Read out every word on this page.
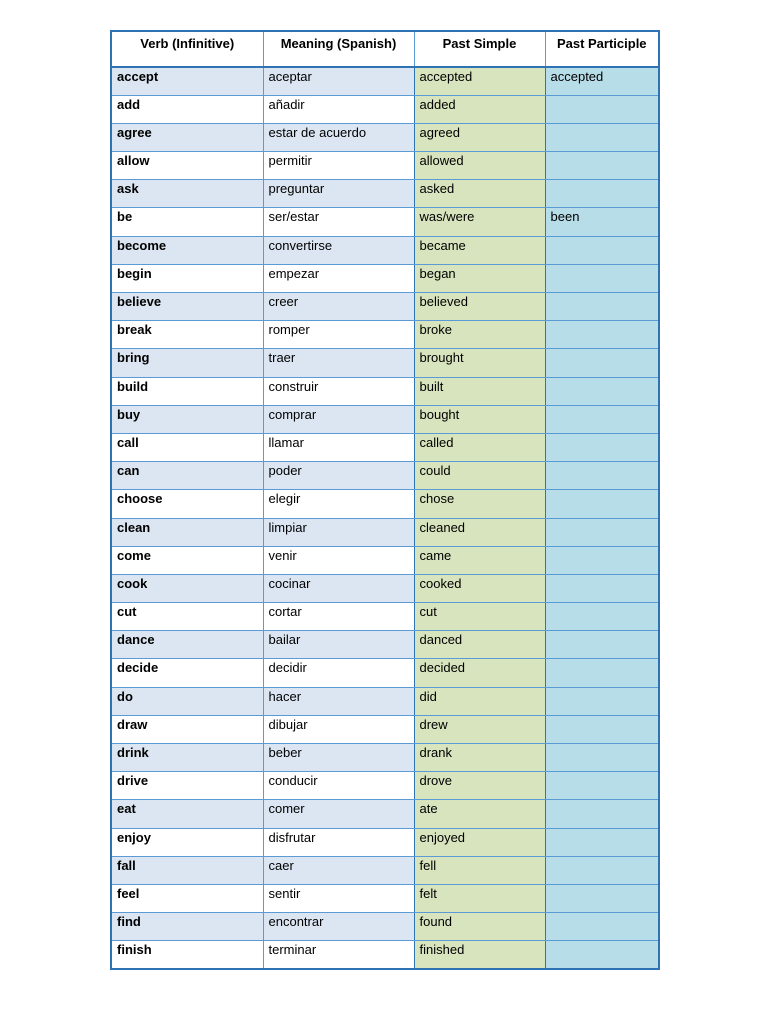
Verb (Infinitive)	Meaning (Spanish)	Past Simple	Past Participle
accept	aceptar	accepted	accepted
add	añadir	added	
agree	estar de acuerdo	agreed	
allow	permitir	allowed	
ask	preguntar	asked	
be	ser/estar	was/were	been
become	convertirse	became	
begin	empezar	began	
believe	creer	believed	
break	romper	broke	
bring	traer	brought	
build	construir	built	
buy	comprar	bought	
call	llamar	called	
can	poder	could	
choose	elegir	chose	
clean	limpiar	cleaned	
come	venir	came	
cook	cocinar	cooked	
cut	cortar	cut	
dance	bailar	danced	
decide	decidir	decided	
do	hacer	did	
draw	dibujar	drew	
drink	beber	drank	
drive	conducir	drove	
eat	comer	ate	
enjoy	disfrutar	enjoyed	
fall	caer	fell	
feel	sentir	felt	
find	encontrar	found	
finish	terminar	finished	
